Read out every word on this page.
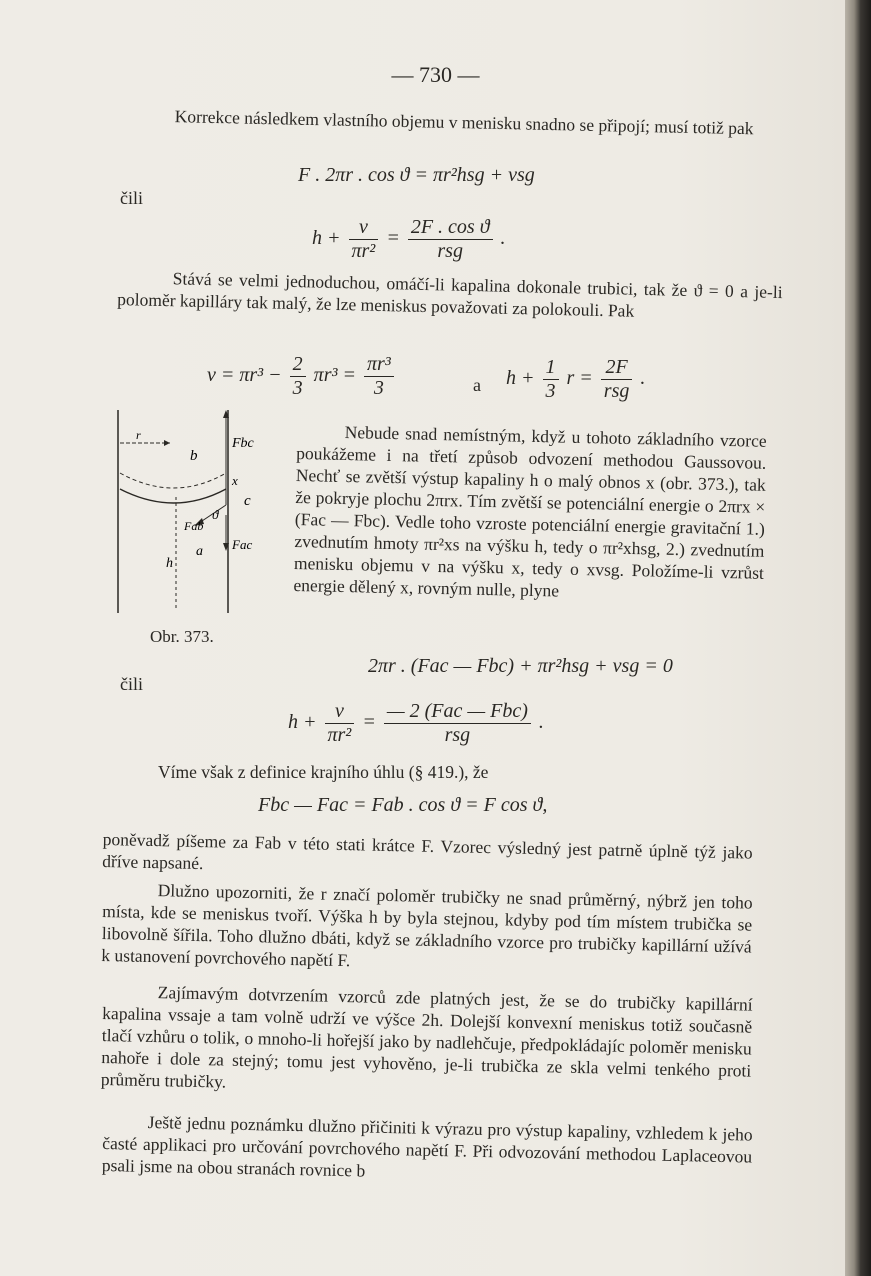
— 730 —

Korrekce následkem vlastního objemu v menisku snadno se připojí; musí totiž pak

F . 2πr . cos ϑ = πr²hsg + vsg
čili
$h + \frac{v}{\text{πr²}} = \frac{\text{2F . cos ϑ}}{\text{rsg}}$ .

Stává se velmi jednoduchou, omáčí-li kapalina dokonale trubici, tak že ϑ = 0 a je-li poloměr kapilláry tak malý, že lze meniskus považovati za polokouli. Pak

$v = \pi r^3 - \frac{2}{3} \pi r^3 = \frac{\text{πr³}}{3}$	a $h + \frac{1}{3}$ $r = \frac{2F}{\text{rsg}}$ .
b
Fbc
x
c
Fab
ϑ
Fac
a
h
r
Obr. 373.

Nebude snad nemístným, když u tohoto základního vzorce poukážeme i na třetí způsob odvození methodou Gaussovou. Nechť se zvětší výstup kapaliny h o malý obnos x (obr. 373.), tak že pokryje plochu 2πrx. Tím zvětší se potenciální energie o 2πrx × (Fac — Fbc). Vedle toho vzroste potenciální energie gravitační 1.) zvednutím hmoty πr²xs na výšku h, tedy o πr²xhsg, 2.) zvednutím menisku objemu v na výšku x, tedy o xvsg. Položíme-li vzrůst energie dělený x, rovným nulle, plyne

2πr . (Fac — Fbc) + πr²hsg + vsg = 0
čili
$h + \frac{v}{\text{πr²}} = \frac{\text{— 2 (Fac — Fbc)}}{\text{rsg}}$ .
Víme však z definice krajního úhlu (§ 419.), že
Fbc — Fac = Fab . cos ϑ = F cos ϑ,

poněvadž píšeme za Fab v této stati krátce F. Vzorec výsledný jest patrně úplně týž jako dříve napsané.

Dlužno upozorniti, že r značí poloměr trubičky ne snad průměrný, nýbrž jen toho místa, kde se meniskus tvoří. Výška h by byla stejnou, kdyby pod tím místem trubička se libovolně šířila. Toho dlužno dbáti, když se základního vzorce pro trubičky kapillární užívá k ustanovení povrchového napětí F.

Zajímavým dotvrzením vzorců zde platných jest, že se do trubičky kapillární kapalina vssaje a tam volně udrží ve výšce 2h. Dolejší konvexní meniskus totiž současně tlačí vzhůru o tolik, o mnoho-li hořejší jako by nadlehčuje, předpokládajíc poloměr menisku nahoře i dole za stejný; tomu jest vyhověno, je-li trubička ze skla velmi tenkého proti průměru trubičky.

Ještě jednu poznámku dlužno přičiniti k výrazu pro výstup kapaliny, vzhledem k jeho časté applikaci pro určování povrchového napětí F. Při odvozování methodou Laplaceovou psali jsme na obou stranách rovnice b
